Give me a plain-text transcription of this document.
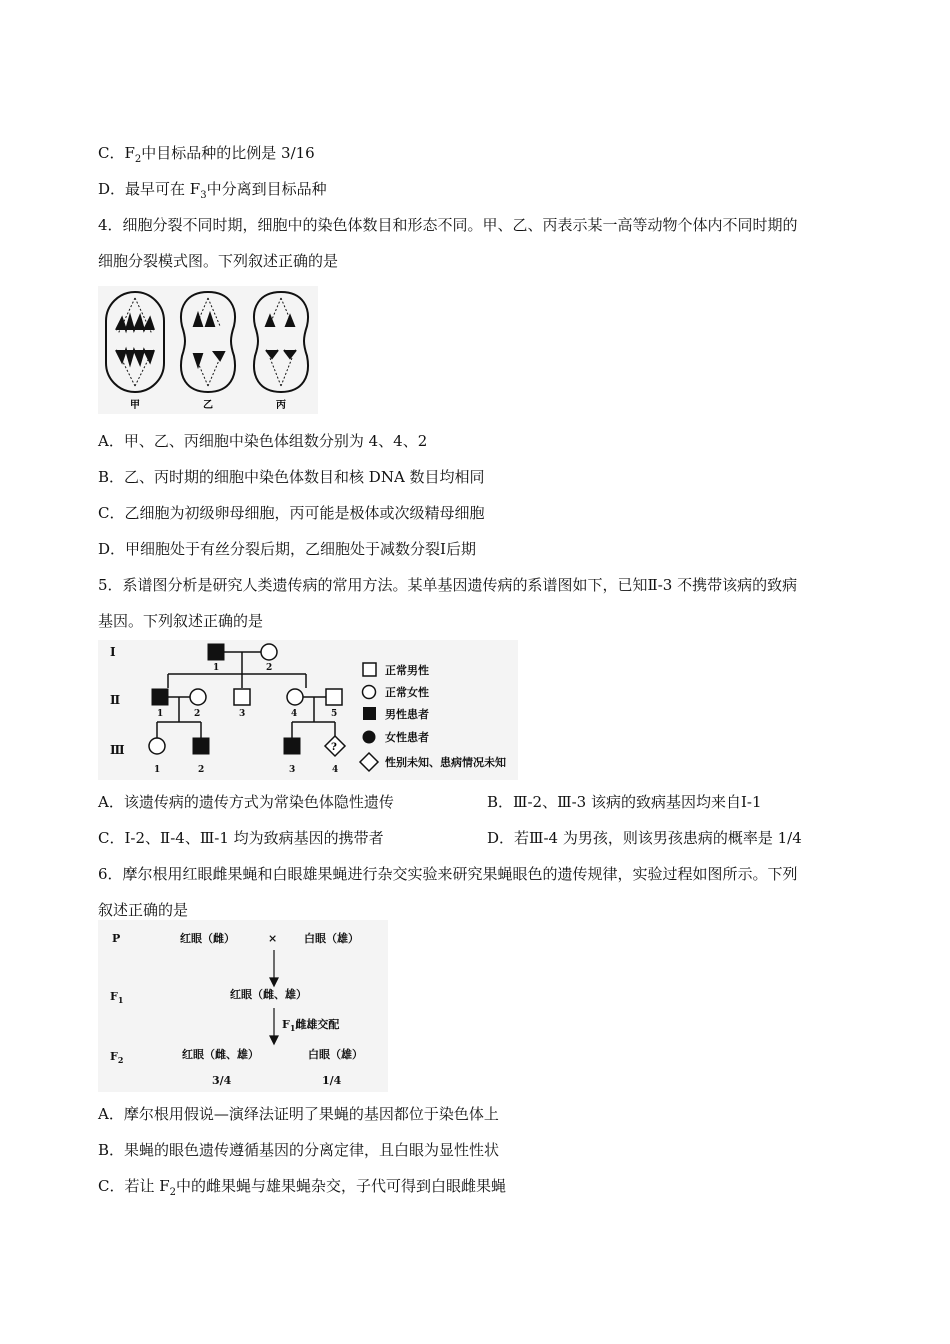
C．$F_2$中目标品种的比例是 3/16
D．最早可在 $F_3$中分离到目标品种
4．细胞分裂不同时期，细胞中的染色体数目和形态不同。甲、乙、丙表示某一高等动物个体内不同时期的
细胞分裂模式图。下列叙述正确的是
甲	乙	丙
A．甲、乙、丙细胞中染色体组数分别为 4、4、2
B．乙、丙时期的细胞中染色体数目和核 DNA 数目均相同
C．乙细胞为初级卵母细胞，丙可能是极体或次级精母细胞
D．甲细胞处于有丝分裂后期，乙细胞处于减数分裂Ⅰ后期
5．系谱图分析是研究人类遗传病的常用方法。某单基因遗传病的系谱图如下，已知Ⅱ-3 不携带该病的致病
基因。下列叙述正确的是
Ⅰ
Ⅱ
Ⅲ	?
1	2
1	2	3	4	5
1	2	3	4
正常男性
正常女性
男性患者
女性患者
性别未知、患病情况未知
A．该遗传病的遗传方式为常染色体隐性遗传	B．Ⅲ-2、Ⅲ-3 该病的致病基因均来自Ⅰ-1
C．Ⅰ-2、Ⅱ-4、Ⅲ-1 均为致病基因的携带者	D．若Ⅲ-4 为男孩，则该男孩患病的概率是 1/4
6．摩尔根用红眼雌果蝇和白眼雄果蝇进行杂交实验来研究果蝇眼色的遗传规律，实验过程如图所示。下列
叙述正确的是
P	红眼（雌）	× 白眼（雄）
$F_1$	红眼（雌、雄）
$F_1$雌雄交配
$F_2$	红眼（雌、雄）	白眼（雄）
3/4	1/4
A．摩尔根用假说—演绎法证明了果蝇的基因都位于染色体上
B．果蝇的眼色遗传遵循基因的分离定律，且白眼为显性性状
C．若让 $F_2$中的雌果蝇与雄果蝇杂交，子代可得到白眼雌果蝇
